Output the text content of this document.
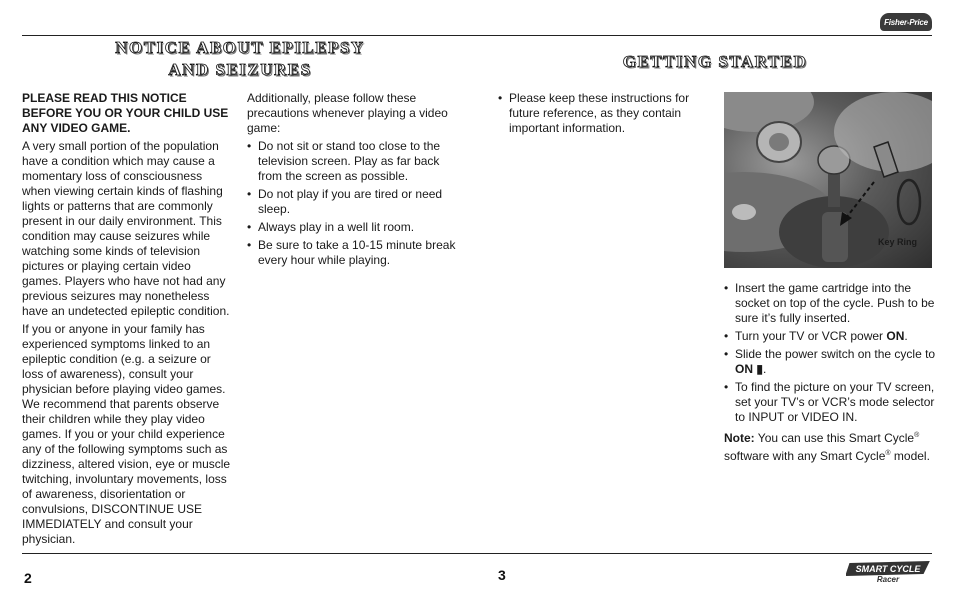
Fisher-Price
NOTICE ABOUT EPILEPSY
AND SEIZURES	GETTING STARTED

PLEASE READ THIS NOTICE BEFORE YOU OR YOUR CHILD USE ANY VIDEO GAME.

A very small portion of the population have a condition which may cause a momentary loss of consciousness when viewing certain kinds of flashing lights or patterns that are commonly present in our daily environment. This condition may cause seizures while watching some kinds of television pictures or playing certain video games. Players who have not had any previous seizures may nonetheless have an undetected epileptic condition.

If you or anyone in your family has experienced symptoms linked to an epileptic condition (e.g. a seizure or loss of awareness), consult your physician before playing video games. We recommend that parents observe their children while they play video games. If you or your child experience any of the following symptoms such as dizziness, altered vision, eye or muscle twitching, involuntary movements, loss of awareness, disorientation or convulsions, DISCONTINUE USE IMMEDIATELY and consult your physician.

Additionally, please follow these precautions whenever playing a video game:

• Do not sit or stand too close to the television screen. Play as far back from the screen as possible.
• Do not play if you are tired or need sleep.
• Always play in a well lit room.
• Be sure to take a 10-15 minute break every hour while playing.
• Please keep these instructions for future reference, as they contain important information.
Key Ring
• Insert the game cartridge into the socket on top of the cycle. Push to be sure it’s fully inserted.
• Turn your TV or VCR power ON.
• Slide the power switch on the cycle to ON ▮.
• To find the picture on your TV screen, set your TV’s or VCR’s mode selector to INPUT or VIDEO IN.

Note: You can use this Smart Cycle® software with any Smart Cycle® model.

2	3	SMART CYCLE
Racer
